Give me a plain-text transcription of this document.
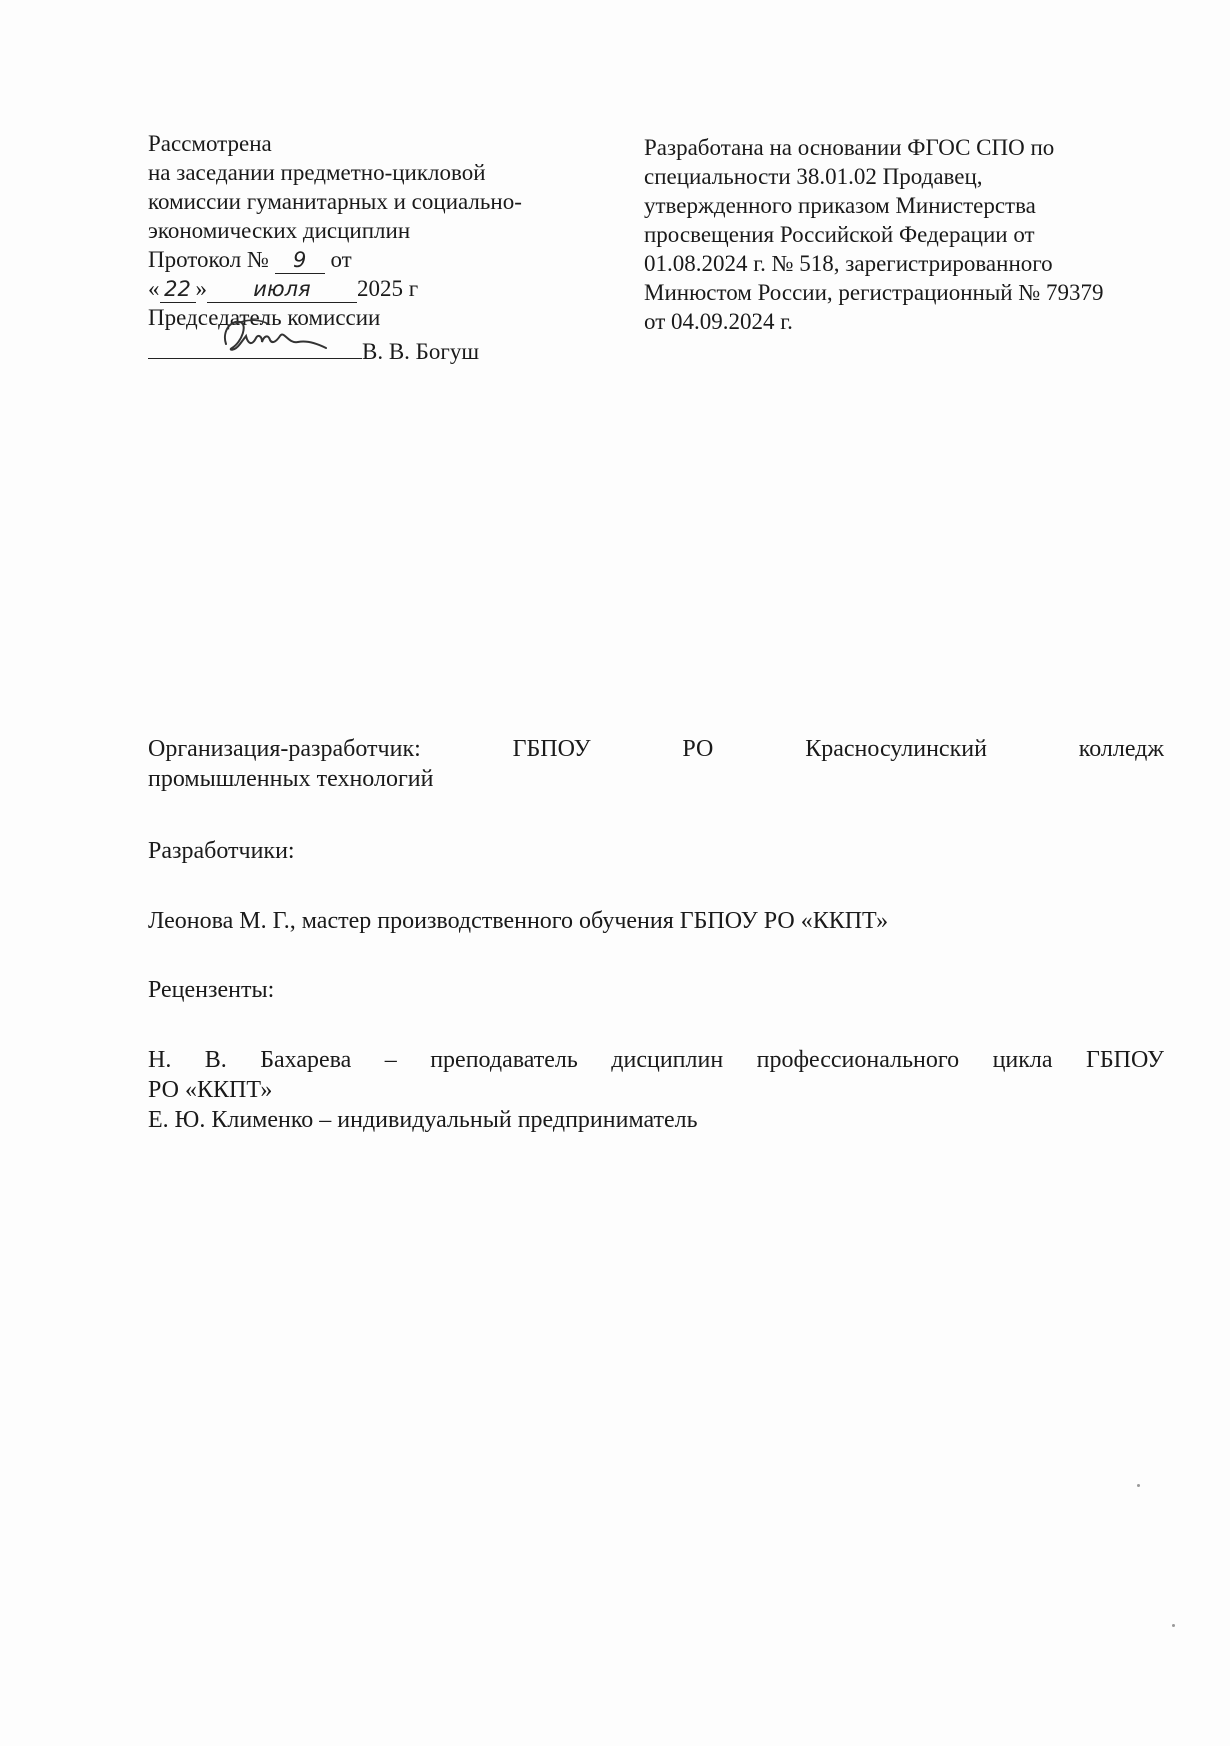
Рассмотрена
на заседании предметно-цикловой
комиссии гуманитарных и социально-
экономических дисциплин
Протокол № 9 от
« 22 » июля 2025 г
Председатель комиссии
В. В. Богуш
Разработана на основании ФГОС СПО по
специальности 38.01.02 Продавец,
утвержденного приказом Министерства
просвещения Российской Федерации от
01.08.2024 г. № 518, зарегистрированного
Минюстом России, регистрационный № 79379
от 04.09.2024 г.
Организация-разработчик:	ГБПОУ	РО	Красносулинский	колледж
промышленных технологий
Разработчики:
Леонова М. Г., мастер производственного обучения ГБПОУ РО «ККПТ»
Рецензенты:
Н. В. Бахарева – преподаватель дисциплин профессионального цикла ГБПОУ
РО «ККПТ»
Е. Ю. Клименко – индивидуальный предприниматель
